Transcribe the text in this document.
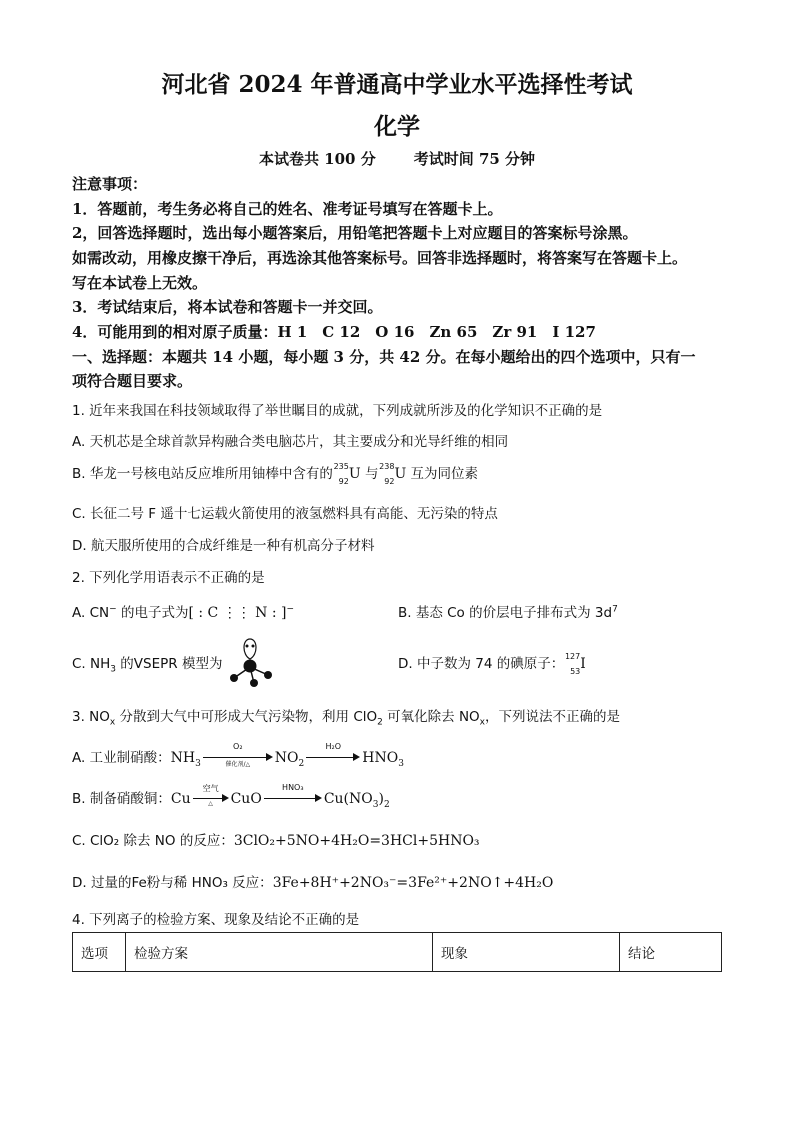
河北省 2024 年普通高中学业水平选择性考试
化学
本试卷共 100 分	考试时间 75 分钟
注意事项：
1．答题前，考生务必将自己的姓名、准考证号填写在答题卡上。
2，回答选择题时，选出每小题答案后，用铅笔把答题卡上对应题目的答案标号涂黑。
如需改动，用橡皮擦干净后，再选涂其他答案标号。回答非选择题时，将答案写在答题卡上。
写在本试卷上无效。
3．考试结束后，将本试卷和答题卡一并交回。
4．可能用到的相对原子质量：H 1　C 12　O 16　Zn 65　Zr 91　I 127
一、选择题：本题共 14 小题，每小题 3 分，共 42 分。在每小题给出的四个选项中，只有一
项符合题目要求。
1. 近年来我国在科技领域取得了举世瞩目的成就，下列成就所涉及的化学知识不正确的是
A. 天机芯是全球首款异构融合类电脑芯片，其主要成分和光导纤维的相同
B. 华龙一号核电站反应堆所用铀棒中含有的 235
92 U 与 238
92 U 互为同位素
C. 长征二号 F 遥十七运载火箭使用的液氢燃料具有高能、无污染的特点
D. 航天服所使用的合成纤维是一种有机高分子材料
2. 下列化学用语表示不正确的是
A. CN− 的电子式为[ : C ⋮⋮ N : ]−	B. 基态 Co 的价层电子排布式为 $3d^7$
C. $NH_3$ 的VSEPR 模型为	D. 中子数为 74 的碘原子： 127
53 I
3. $NO_x$ 分散到大气中可形成大气污染物，利用 ClO$_2$ 可氧化除去 $NO_x$，下列说法不正确的是
A. 工业制硝酸：$NH_3$
O₂
催化剂/△	$NO_2$
H₂O
$HNO_3$
B. 制备硝酸铜：Cu
空气
△	CuO
HNO₃
$Cu(NO_3)_2$
C. ClO₂ 除去 NO 的反应：3ClO₂+5NO+4H₂O=3HCl+5HNO₃
D. 过量的Fe粉与稀 HNO₃ 反应：3Fe+8H⁺+2NO₃⁻=3Fe²⁺+2NO↑+4H₂O
4. 下列离子的检验方案、现象及结论不正确的是
选项	检验方案	现象	结论
